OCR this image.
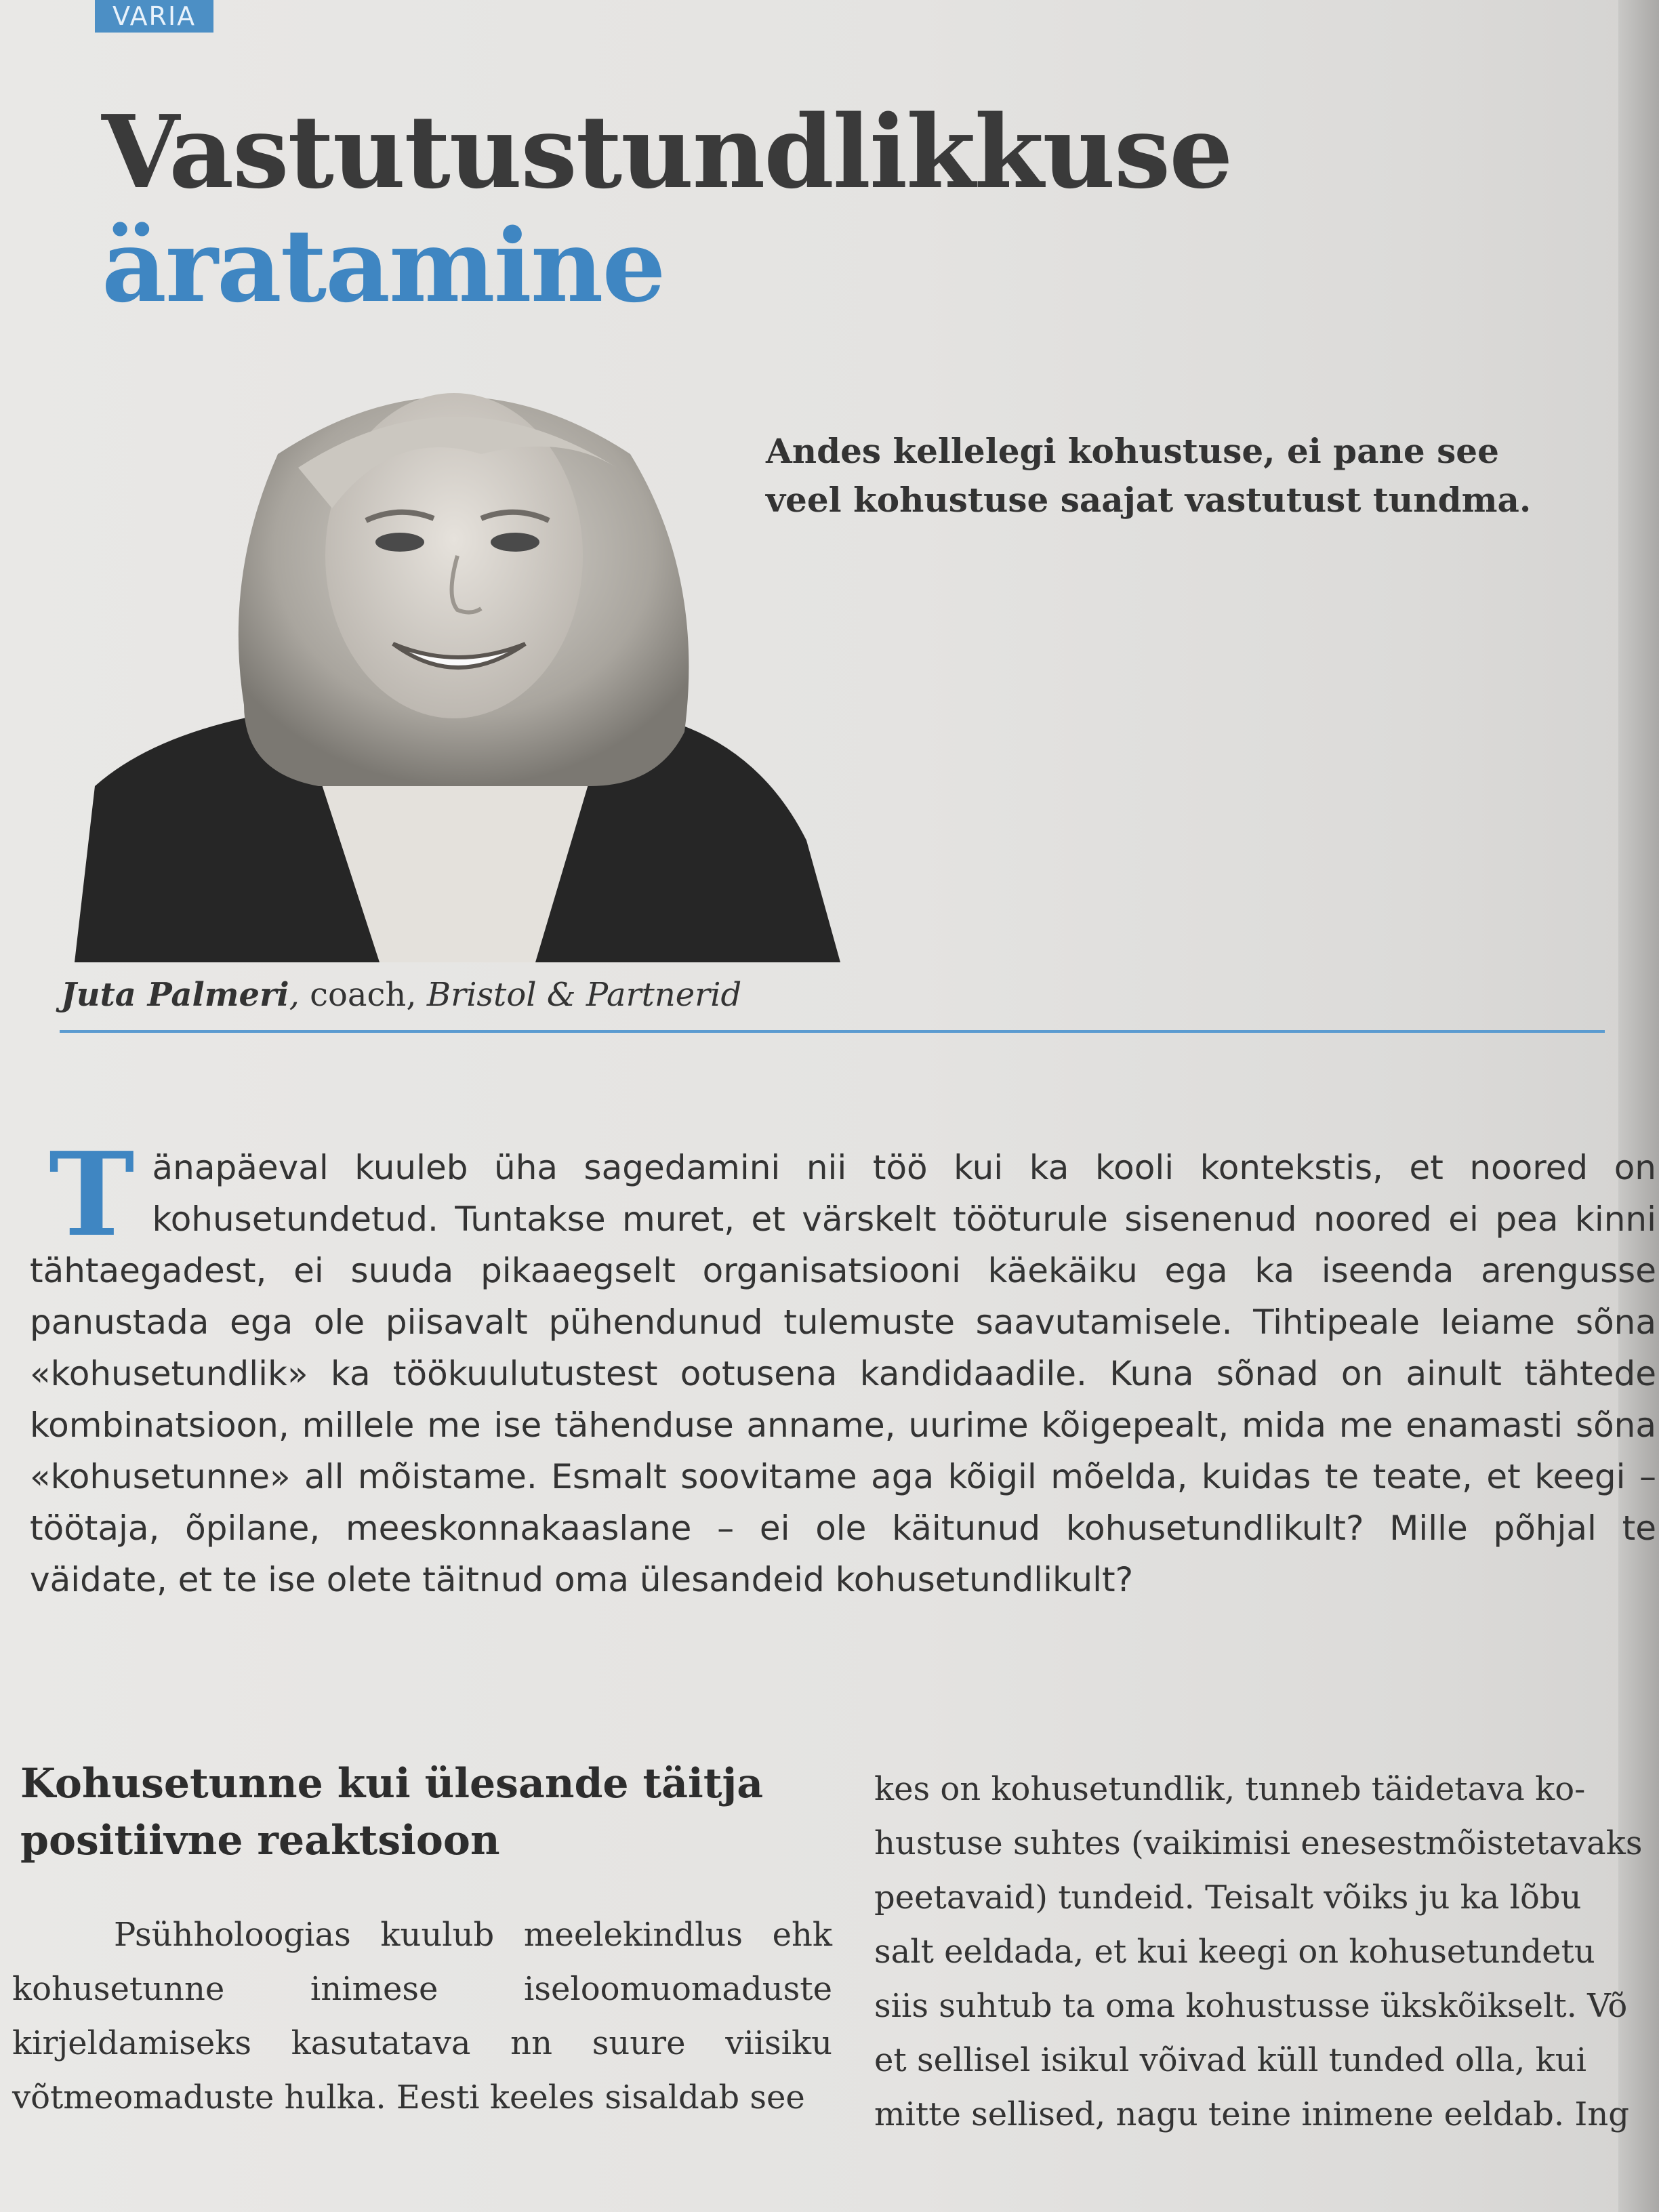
VARIA
Vastutustundlikkuse
äratamine

Andes kellelegi kohustuse, ei pane see veel kohustuse saajat vastutust tundma.

Juta Palmeri, coach, Bristol & Partnerid

Tänapäeval kuuleb üha sagedamini nii töö kui ka kooli kontekstis, et noored on kohusetundetud. Tuntakse muret, et värskelt tööturule sisenenud noored ei pea kinni tähtaegadest, ei suuda pikaaegselt organisatsiooni käekäiku ega ka iseenda arengusse panustada ega ole piisavalt pühendunud tulemuste saavutamisele. Tihtipeale leiame sõna «kohusetundlik» ka töökuulutustest ootusena kandidaadile. Kuna sõnad on ainult tähtede kombinatsioon, millele me ise tähenduse anname, uurime kõigepealt, mida me enamasti sõna «kohusetunne» all mõistame. Esmalt soovitame aga kõigil mõelda, kuidas te teate, et keegi – töötaja, õpilane, meeskonnakaaslane – ei ole käitunud kohusetundlikult? Mille põhjal te väidate, et te ise olete täitnud oma ülesandeid kohusetundlikult?

Kohusetunne kui ülesande täitja positiivne reaktsioon

Psühholoogias kuulub meelekindlus ehk kohusetunne inimese iseloomuomaduste kirjeldamiseks kasutatava nn suure viisiku võtmeomaduste hulka. Eesti keeles sisaldab see

kes on kohusetundlik, tunneb täidetava ko-
hustuse suhtes (vaikimisi enesestmõistetavaks
peetavaid) tundeid. Teisalt võiks ju ka lõbu
salt eeldada, et kui keegi on kohusetundetu
siis suhtub ta oma kohustusse ükskõikselt. Võ
et sellisel isikul võivad küll tunded olla, kui
mitte sellised, nagu teine inimene eeldab. Ing
